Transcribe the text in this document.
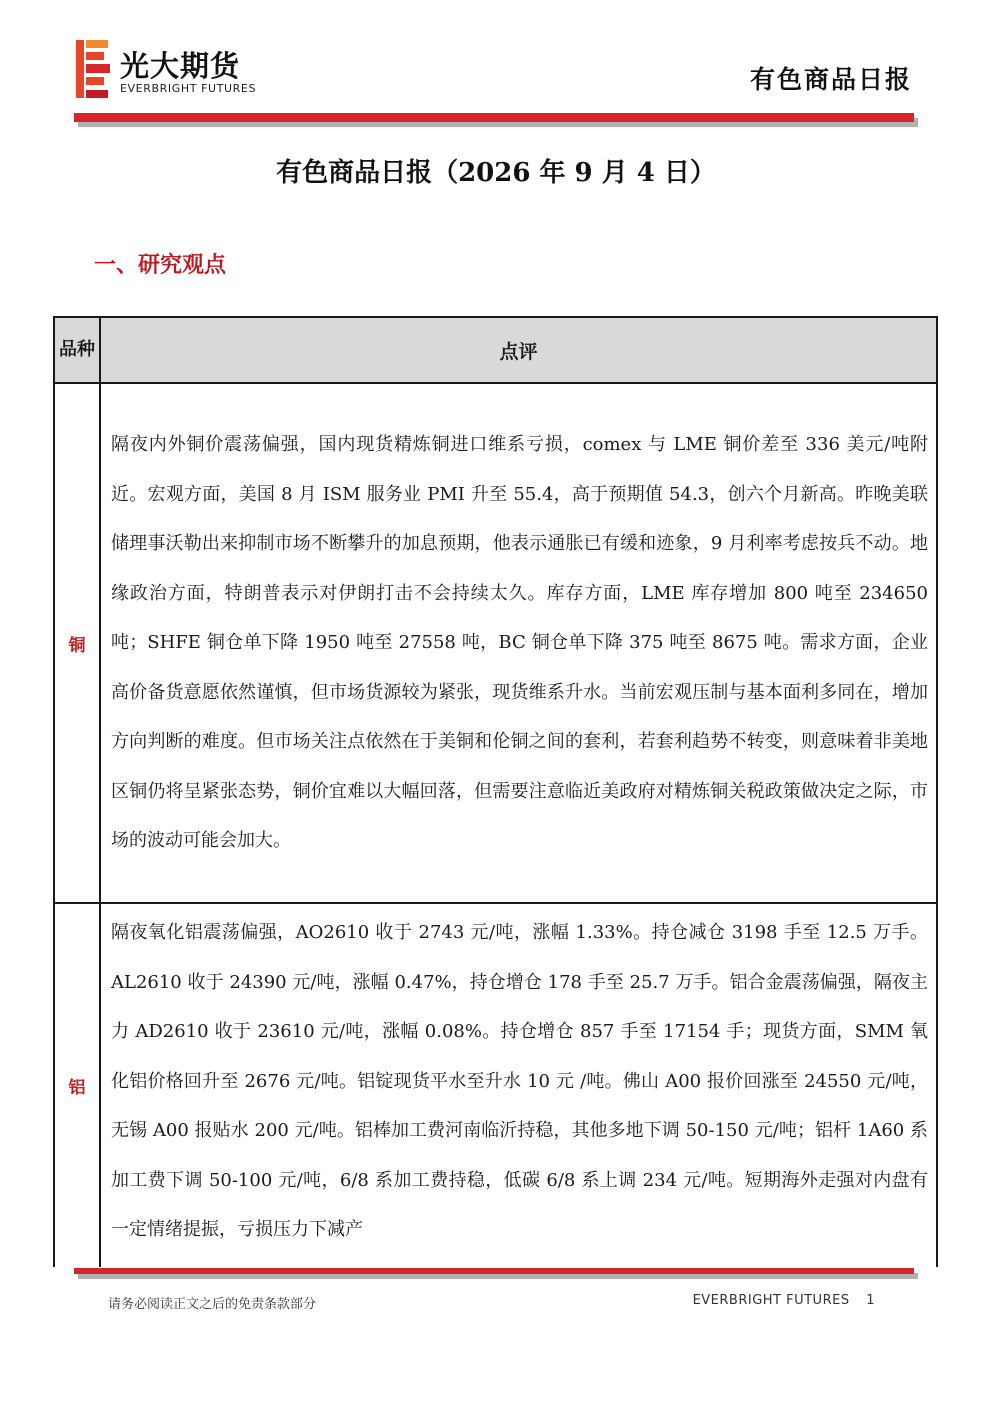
光大期货
EVERBRIGHT FUTURES	有色商品日报
有色商品日报（2026 年 9 月 4 日）
一、研究观点
品种	点评
铜	隔夜内外铜价震荡偏强，国内现货精炼铜进口维系亏损，comex 与 LME 铜价差至 336 美元/吨附近。宏观方面，美国 8 月 ISM 服务业 PMI 升至 55.4，高于预期值 54.3，创六个月新高。昨晚美联储理事沃勒出来抑制市场不断攀升的加息预期，他表示通胀已有缓和迹象，9 月利率考虑按兵不动。地缘政治方面，特朗普表示对伊朗打击不会持续太久。库存方面，LME 库存增加 800 吨至 234650 吨；SHFE 铜仓单下降 1950 吨至 27558 吨，BC 铜仓单下降 375 吨至 8675 吨。需求方面，企业高价备货意愿依然谨慎，但市场货源较为紧张，现货维系升水。当前宏观压制与基本面利多同在，增加方向判断的难度。但市场关注点依然在于美铜和伦铜之间的套利，若套利趋势不转变，则意味着非美地区铜仍将呈紧张态势，铜价宜难以大幅回落，但需要注意临近美政府对精炼铜关税政策做决定之际，市场的波动可能会加大。
铝	隔夜氧化铝震荡偏强，AO2610 收于 2743 元/吨，涨幅 1.33%。持仓减仓 3198 手至 12.5 万手。AL2610 收于 24390 元/吨，涨幅 0.47%，持仓增仓 178 手至 25.7 万手。铝合金震荡偏强，隔夜主力 AD2610 收于 23610 元/吨，涨幅 0.08%。持仓增仓 857 手至 17154 手；现货方面，SMM 氧化铝价格回升至 2676 元/吨。铝锭现货平水至升水 10 元 /吨。佛山 A00 报价回涨至 24550 元/吨，无锡 A00 报贴水 200 元/吨。铝棒加工费河南临沂持稳，其他多地下调 50-150 元/吨；铝杆 1A60 系加工费下调 50-100 元/吨，6/8 系加工费持稳，低碳 6/8 系上调 234 元/吨。短期海外走强对内盘有一定情绪提振，亏损压力下减产
请务必阅读正文之后的免责条款部分	EVERBRIGHT FUTURES 1
